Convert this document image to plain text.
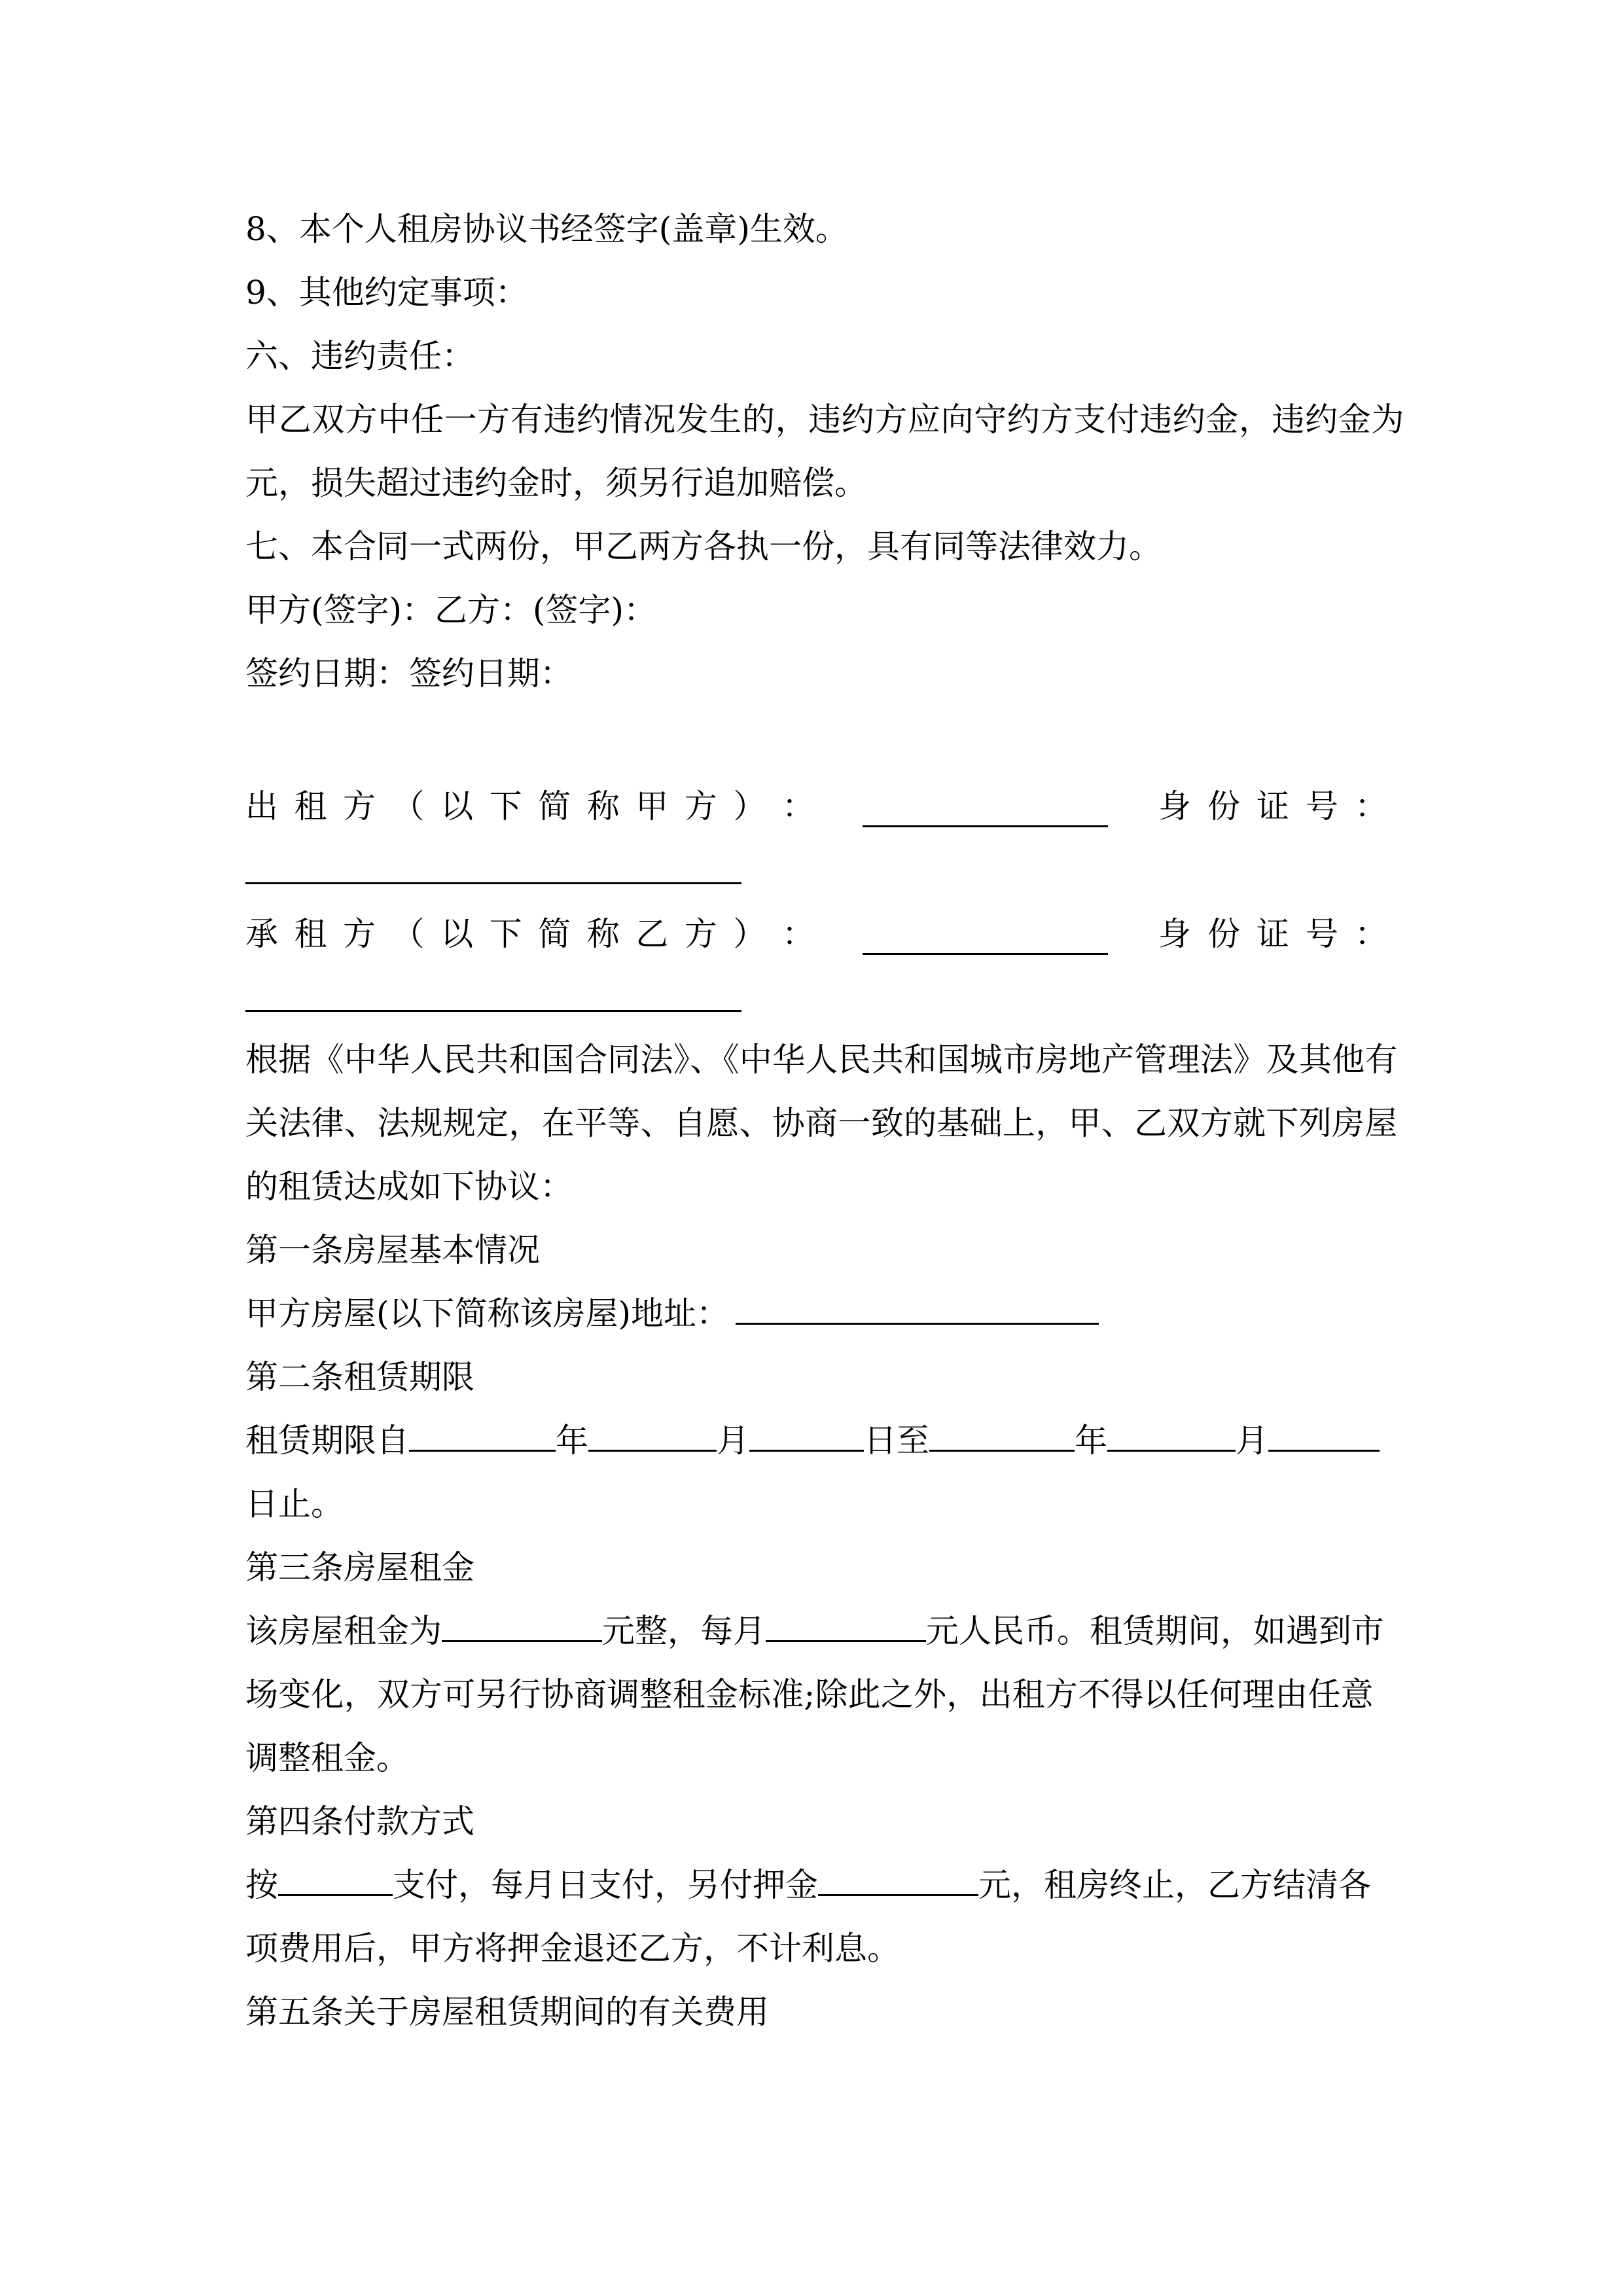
8、本个人租房协议书经签字(盖章)生效。
9、其他约定事项：
六、违约责任：
甲乙双方中任一方有违约情况发生的，违约方应向守约方支付违约金，违约金为
元，损失超过违约金时，须另行追加赔偿。
七、本合同一式两份，甲乙两方各执一份，具有同等法律效力。
甲方(签字)：乙方：(签字)：
签约日期：签约日期：
出 租 方 （ 以 下 简 称 甲 方 ） ：	身 份 证 号 ：
承 租 方 （ 以 下 简 称 乙 方 ） ：	身 份 证 号 ：
根据《中华人民共和国合同法》、《中华人民共和国城市房地产管理法》及其他有
关法律、法规规定，在平等、自愿、协商一致的基础上，甲、乙双方就下列房屋
的租赁达成如下协议：
第一条房屋基本情况
甲方房屋(以下简称该房屋)地址：
第二条租赁期限
租赁期限自	年	月	日至	年	月
日止。
第三条房屋租金
该房屋租金为	元整，每月	元人民币。租赁期间，如遇到市
场变化，双方可另行协商调整租金标准;除此之外，出租方不得以任何理由任意
调整租金。
第四条付款方式
按	支付，每月日支付，另付押金	元，租房终止，乙方结清各
项费用后，甲方将押金退还乙方，不计利息。
第五条关于房屋租赁期间的有关费用
